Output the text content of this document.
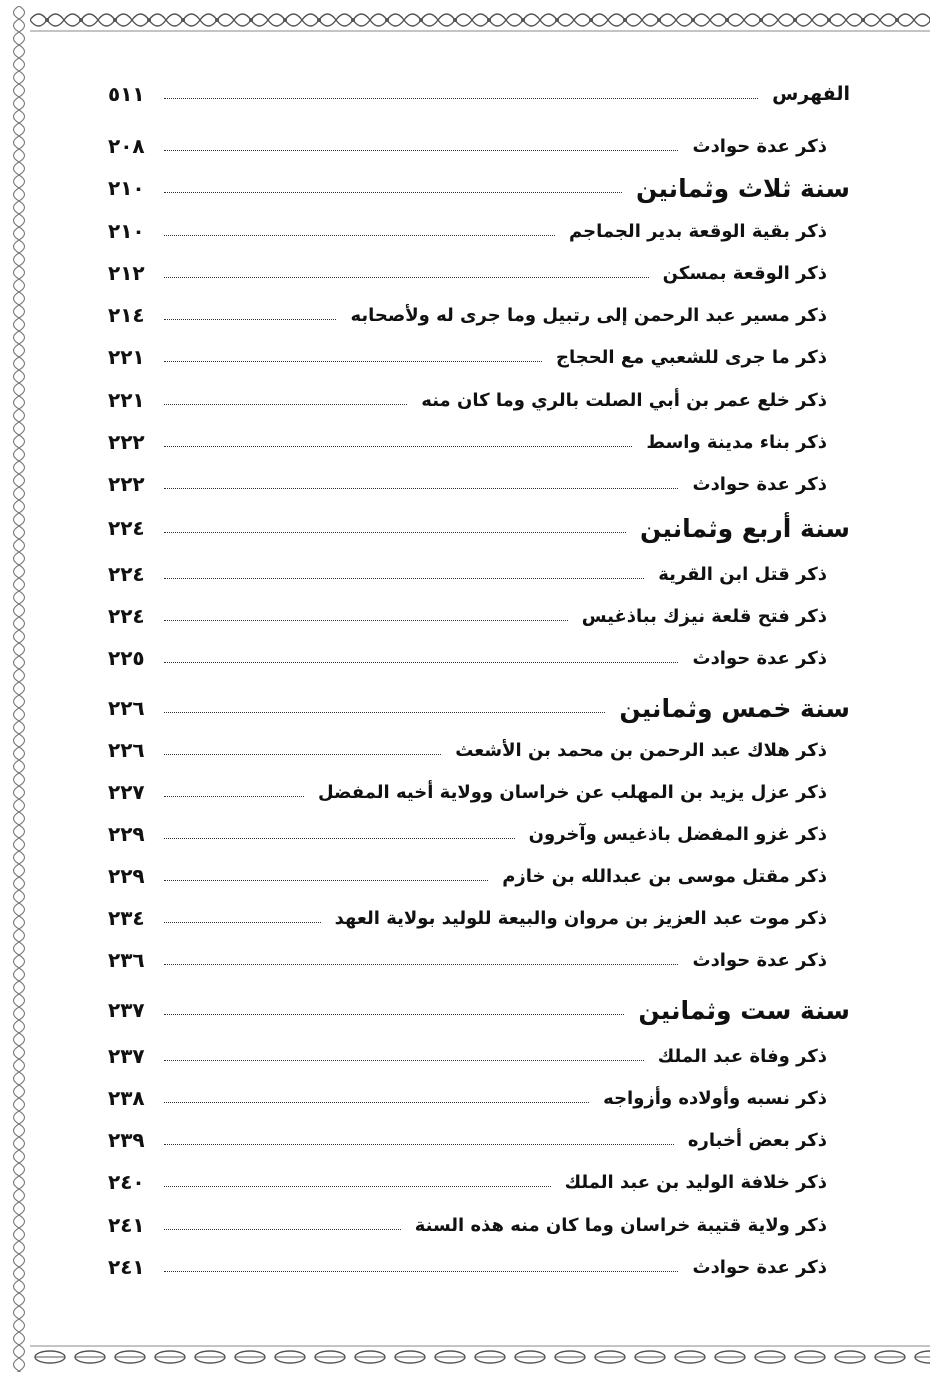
الفهرس
٥١١
ذكر عدة حوادث
٢٠٨
سنة ثلاث وثمانين
٢١٠
ذكر بقية الوقعة بدير الجماجم
٢١٠
ذكر الوقعة بمسكن
٢١٢
ذكر مسير عبد الرحمن إلى رتبيل وما جرى له ولأصحابه
٢١٤
ذكر ما جرى للشعبي مع الحجاج
٢٢١
ذكر خلع عمر بن أبي الصلت بالري وما كان منه
٢٢١
ذكر بناء مدينة واسط
٢٢٢
ذكر عدة حوادث
٢٢٢
سنة أربع وثمانين
٢٢٤
ذكر قتل ابن القرية
٢٢٤
ذكر فتح قلعة نيزك بباذغيس
٢٢٤
ذكر عدة حوادث
٢٢٥
سنة خمس وثمانين
٢٢٦
ذكر هلاك عبد الرحمن بن محمد بن الأشعث
٢٢٦
ذكر عزل يزيد بن المهلب عن خراسان وولاية أخيه المفضل
٢٢٧
ذكر غزو المفضل باذغيس وآخرون
٢٢٩
ذكر مقتل موسى بن عبدالله بن خازم
٢٢٩
ذكر موت عبد العزيز بن مروان والبيعة للوليد بولاية العهد
٢٣٤
ذكر عدة حوادث
٢٣٦
سنة ست وثمانين
٢٣٧
ذكر وفاة عبد الملك
٢٣٧
ذكر نسبه وأولاده وأزواجه
٢٣٨
ذكر بعض أخباره
٢٣٩
ذكر خلافة الوليد بن عبد الملك
٢٤٠
ذكر ولاية قتيبة خراسان وما كان منه هذه السنة
٢٤١
ذكر عدة حوادث
٢٤١
